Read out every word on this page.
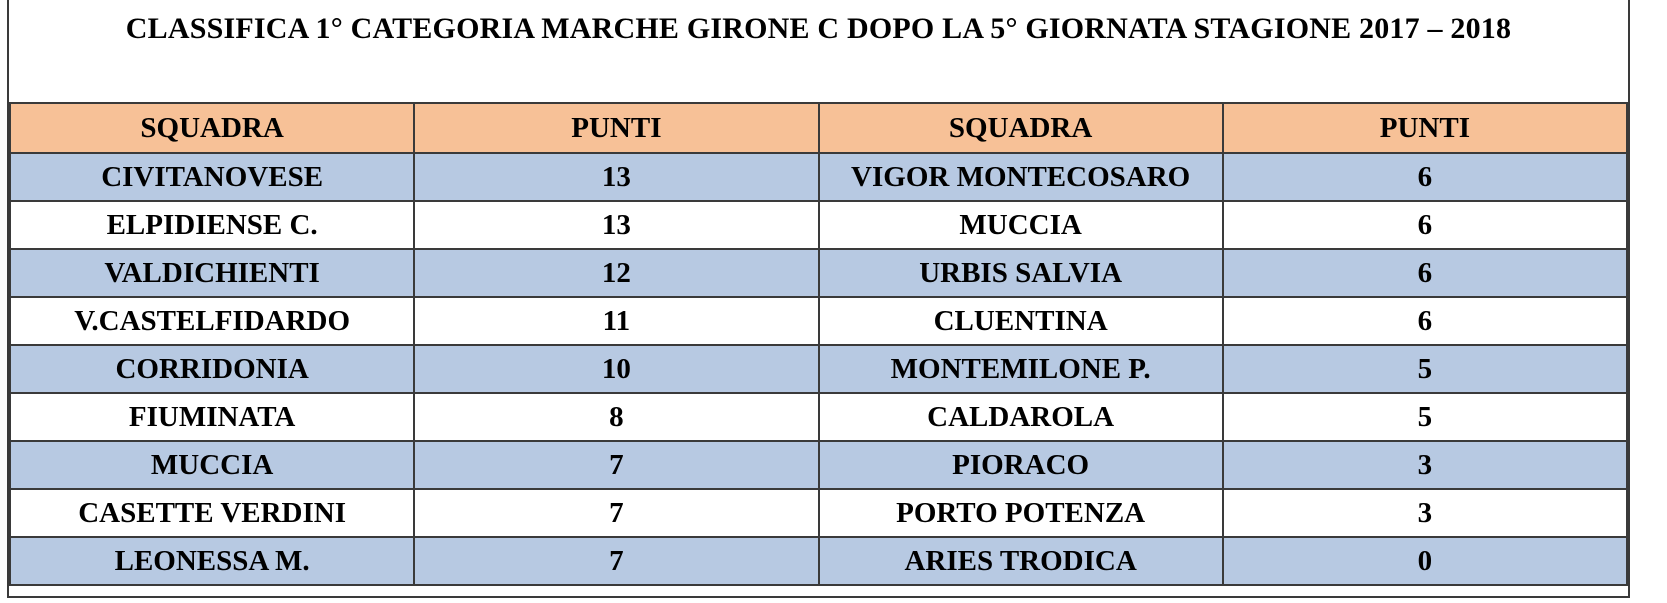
CLASSIFICA 1° CATEGORIA MARCHE GIRONE C DOPO LA 5° GIORNATA STAGIONE 2017 – 2018
SQUADRA	PUNTI	SQUADRA	PUNTI
CIVITANOVESE	13	VIGOR MONTECOSARO	6
ELPIDIENSE C.	13	MUCCIA	6
VALDICHIENTI	12	URBIS SALVIA	6
V.CASTELFIDARDO	11	CLUENTINA	6
CORRIDONIA	10	MONTEMILONE P.	5
FIUMINATA	8	CALDAROLA	5
MUCCIA	7	PIORACO	3
CASETTE VERDINI	7	PORTO POTENZA	3
LEONESSA M.	7	ARIES TRODICA	0
